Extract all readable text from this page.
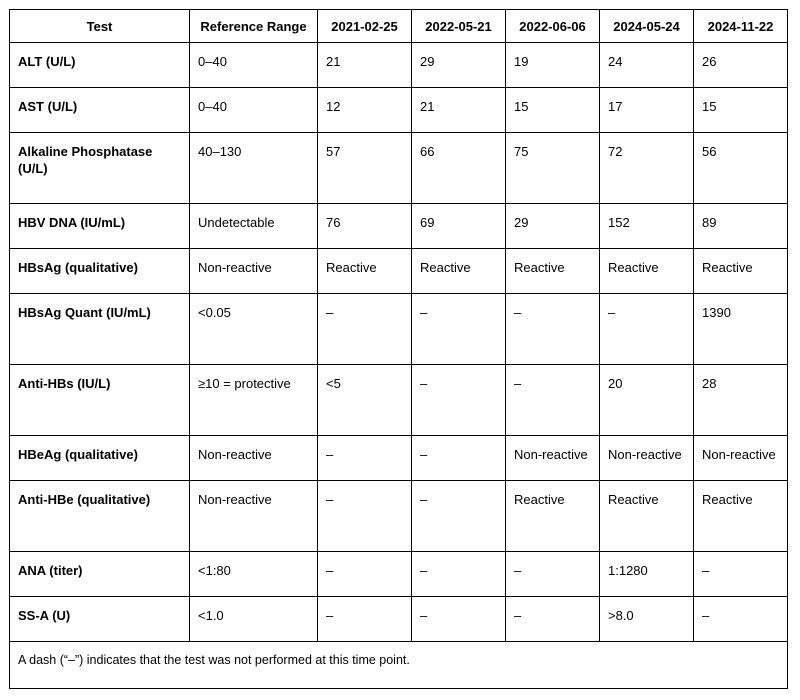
Test	Reference Range	2021-02-25	2022-05-21	2022-06-06	2024-05-24	2024-11-22
ALT (U/L)	0–40	21	29	19	24	26
AST (U/L)	0–40	12	21	15	17	15
Alkaline Phosphatase (U/L)	40–130	57	66	75	72	56
HBV DNA (IU/mL)	Undetectable	76	69	29	152	89
HBsAg (qualitative)	Non-reactive	Reactive	Reactive	Reactive	Reactive	Reactive
HBsAg Quant (IU/mL)	<0.05	–	–	–	–	1390
Anti-HBs (IU/L)	≥10 = protective	<5	–	–	20	28
HBeAg (qualitative)	Non-reactive	–	–	Non-reactive	Non-reactive	Non-reactive
Anti-HBe (qualitative)	Non-reactive	–	–	Reactive	Reactive	Reactive
ANA (titer)	<1:80	–	–	–	1:1280	–
SS-A (U)	<1.0	–	–	–	>8.0	–
A dash (“–”) indicates that the test was not performed at this time point.						
